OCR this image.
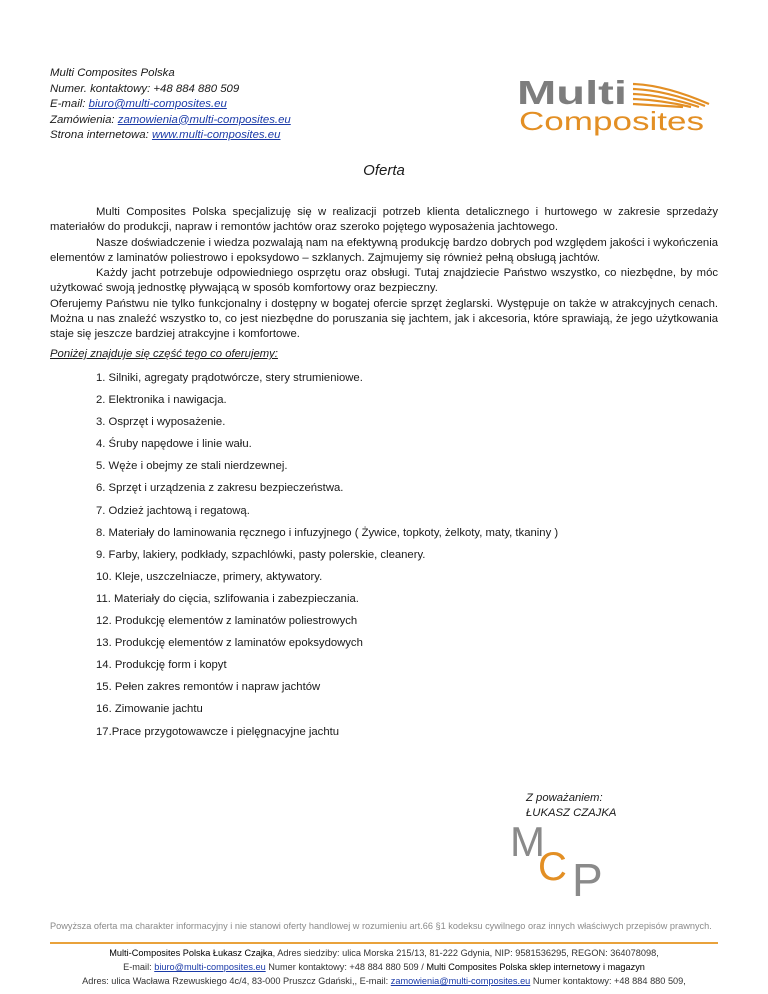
Multi Composites Polska
Numer. kontaktowy: +48 884 880 509
E-mail: biuro@multi-composites.eu
Zamówienia: zamowienia@multi-composites.eu
Strona internetowa: www.multi-composites.eu
Multi
Composites
Oferta

Multi Composites Polska specjalizuję się w realizacji potrzeb klienta detalicznego i hurtowego w zakresie sprzedaży materiałów do produkcji, napraw i remontów jachtów oraz szeroko pojętego wyposażenia jachtowego.

Nasze doświadczenie i wiedza pozwalają nam na efektywną produkcję bardzo dobrych pod względem jakości i wykończenia elementów z laminatów poliestrowo i epoksydowo – szklanych. Zajmujemy się również pełną obsługą jachtów.

Każdy jacht potrzebuje odpowiedniego osprzętu oraz obsługi. Tutaj znajdziecie Państwo wszystko, co niezbędne, by móc użytkować swoją jednostkę pływającą w sposób komfortowy oraz bezpieczny.

Oferujemy Państwu nie tylko funkcjonalny i dostępny w bogatej ofercie sprzęt żeglarski. Występuje on także w atrakcyjnych cenach. Można u nas znaleźć wszystko to, co jest niezbędne do poruszania się jachtem, jak i akcesoria, które sprawiają, że jego użytkowania staje się jeszcze bardziej atrakcyjne i komfortowe.

Poniżej znajduje się część tego co oferujemy:
1. Silniki, agregaty prądotwórcze, stery strumieniowe.
2. Elektronika i nawigacja.
3. Osprzęt i wyposażenie.
4. Śruby napędowe i linie wału.
5. Węże i obejmy ze stali nierdzewnej.
6. Sprzęt i urządzenia z zakresu bezpieczeństwa.
7. Odzież jachtową i regatową.
8. Materiały do laminowania ręcznego i infuzyjnego ( Żywice, topkoty, żelkoty, maty, tkaniny )
9. Farby, lakiery, podkłady, szpachlówki, pasty polerskie, cleanery.
10. Kleje, uszczelniacze, primery, aktywatory.
11. Materiały do cięcia, szlifowania i zabezpieczania.
12. Produkcję elementów z laminatów poliestrowych
13. Produkcję elementów z laminatów epoksydowych
14. Produkcję form i kopyt
15. Pełen zakres remontów i napraw jachtów
16. Zimowanie jachtu
17.Prace przygotowawcze i pielęgnacyjne jachtu
Z poważaniem:
ŁUKASZ CZAJKA
M
C P
Powyższa oferta ma charakter informacyjny i nie stanowi oferty handlowej w rozumieniu art.66 §1 kodeksu cywilnego oraz innych właściwych przepisów prawnych.
Multi-Composites Polska Łukasz Czajka, Adres siedziby: ulica Morska 215/13, 81-222 Gdynia, NIP: 9581536295, REGON: 364078098,
E-mail: biuro@multi-composites.eu Numer kontaktowy: +48 884 880 509 / Multi Composites Polska sklep internetowy i magazyn
Adres: ulica Wacława Rzewuskiego 4c/4, 83-000 Pruszcz Gdański,, E-mail: zamowienia@multi-composites.eu Numer kontaktowy: +48 884 880 509,
